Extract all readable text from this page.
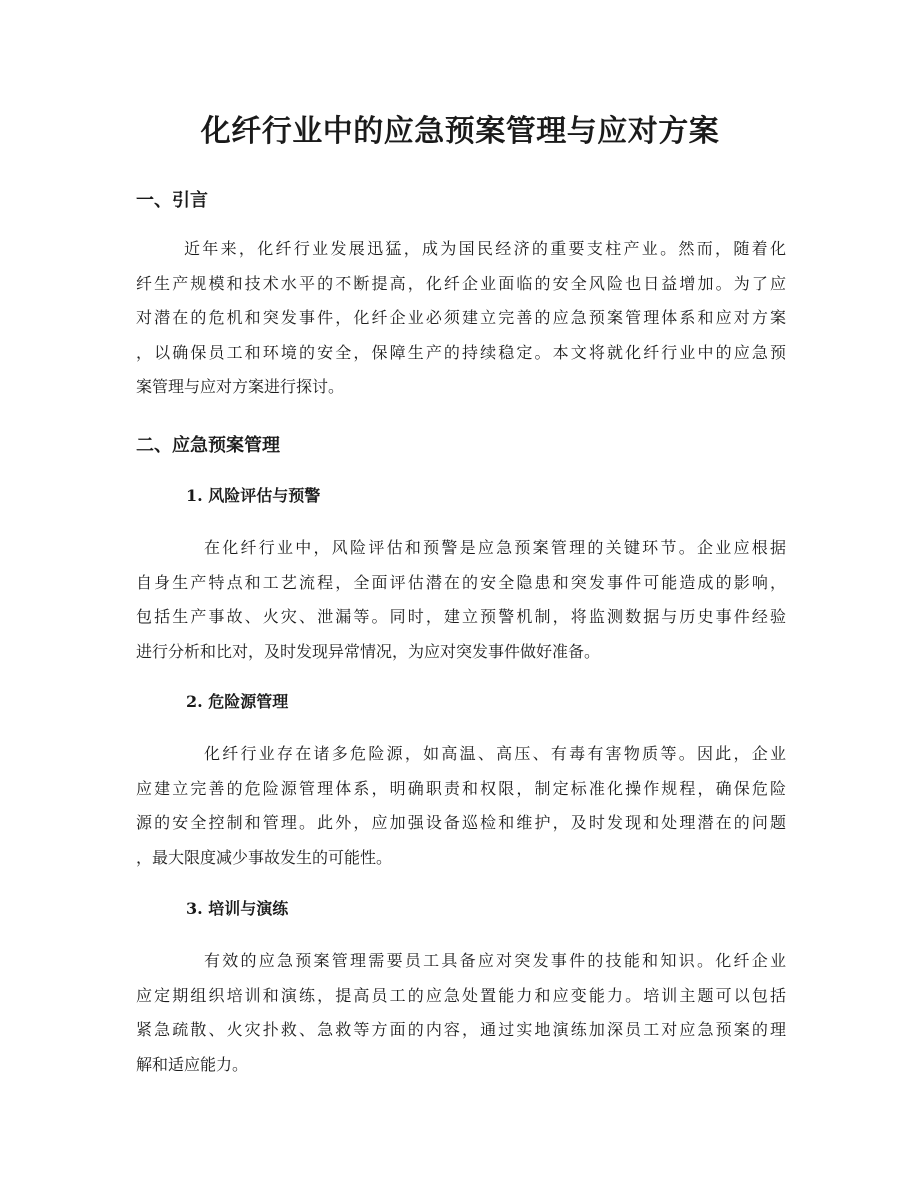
化纤行业中的应急预案管理与应对方案
一、引言
近年来，化纤行业发展迅猛，成为国民经济的重要支柱产业。然而，随着化
纤生产规模和技术水平的不断提高，化纤企业面临的安全风险也日益增加。为了应
对潜在的危机和突发事件，化纤企业必须建立完善的应急预案管理体系和应对方案
，以确保员工和环境的安全，保障生产的持续稳定。本文将就化纤行业中的应急预
案管理与应对方案进行探讨。
二、应急预案管理
1. 风险评估与预警
在化纤行业中，风险评估和预警是应急预案管理的关键环节。企业应根据
自身生产特点和工艺流程，全面评估潜在的安全隐患和突发事件可能造成的影响，
包括生产事故、火灾、泄漏等。同时，建立预警机制，将监测数据与历史事件经验
进行分析和比对，及时发现异常情况，为应对突发事件做好准备。
2. 危险源管理
化纤行业存在诸多危险源，如高温、高压、有毒有害物质等。因此，企业
应建立完善的危险源管理体系，明确职责和权限，制定标准化操作规程，确保危险
源的安全控制和管理。此外，应加强设备巡检和维护，及时发现和处理潜在的问题
，最大限度减少事故发生的可能性。
3. 培训与演练
有效的应急预案管理需要员工具备应对突发事件的技能和知识。化纤企业
应定期组织培训和演练，提高员工的应急处置能力和应变能力。培训主题可以包括
紧急疏散、火灾扑救、急救等方面的内容，通过实地演练加深员工对应急预案的理
解和适应能力。
